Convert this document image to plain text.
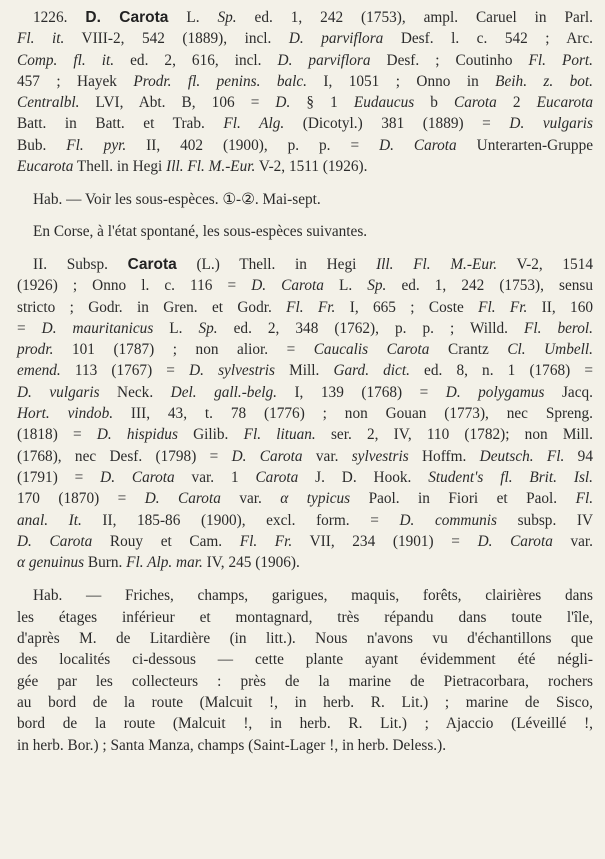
1226. D. Carota L. Sp. ed. 1, 242 (1753), ampl. Caruel in Parl.
Fl. it. VIII-2, 542 (1889), incl. D. parviflora Desf. l. c. 542 ; Arc.
Comp. fl. it. ed. 2, 616, incl. D. parviflora Desf. ; Coutinho Fl. Port.
457 ; Hayek Prodr. fl. penins. balc. I, 1051 ; Onno in Beih. z. bot.
Centralbl. LVI, Abt. B, 106 = D. § 1 Eudaucus b Carota 2 Eucarota
Batt. in Batt. et Trab. Fl. Alg. (Dicotyl.) 381 (1889) = D. vulgaris
Bub. Fl. pyr. II, 402 (1900), p. p. = D. Carota Unterarten-Gruppe
Eucarota Thell. in Hegi Ill. Fl. M.-Eur. V-2, 1511 (1926).
Hab. — Voir les sous-espèces. ①-②. Mai-sept.
En Corse, à l'état spontané, les sous-espèces suivantes.
II. Subsp. Carota (L.) Thell. in Hegi Ill. Fl. M.-Eur. V-2, 1514
(1926) ; Onno l. c. 116 = D. Carota L. Sp. ed. 1, 242 (1753), sensu
stricto ; Godr. in Gren. et Godr. Fl. Fr. I, 665 ; Coste Fl. Fr. II, 160
= D. mauritanicus L. Sp. ed. 2, 348 (1762), p. p. ; Willd. Fl. berol.
prodr. 101 (1787) ; non alior. = Caucalis Carota Crantz Cl. Umbell.
emend. 113 (1767) = D. sylvestris Mill. Gard. dict. ed. 8, n. 1 (1768) =
D. vulgaris Neck. Del. gall.-belg. I, 139 (1768) = D. polygamus Jacq.
Hort. vindob. III, 43, t. 78 (1776) ; non Gouan (1773), nec Spreng.
(1818) = D. hispidus Gilib. Fl. lituan. ser. 2, IV, 110 (1782); non Mill.
(1768), nec Desf. (1798) = D. Carota var. sylvestris Hoffm. Deutsch. Fl. 94
(1791) = D. Carota var. 1 Carota J. D. Hook. Student's fl. Brit. Isl.
170 (1870) = D. Carota var. α typicus Paol. in Fiori et Paol. Fl.
anal. It. II, 185-86 (1900), excl. form. = D. communis subsp. IV
D. Carota Rouy et Cam. Fl. Fr. VII, 234 (1901) = D. Carota var.
α genuinus Burn. Fl. Alp. mar. IV, 245 (1906).
Hab. — Friches, champs, garigues, maquis, forêts, clairières dans
les étages inférieur et montagnard, très répandu dans toute l'île,
d'après M. de Litardière (in litt.). Nous n'avons vu d'échantillons que
des localités ci-dessous — cette plante ayant évidemment été négli-
gée par les collecteurs : près de la marine de Pietracorbara, rochers
au bord de la route (Malcuit !, in herb. R. Lit.) ; marine de Sisco,
bord de la route (Malcuit !, in herb. R. Lit.) ; Ajaccio (Léveillé !,
in herb. Bor.) ; Santa Manza, champs (Saint-Lager !, in herb. Deless.).
